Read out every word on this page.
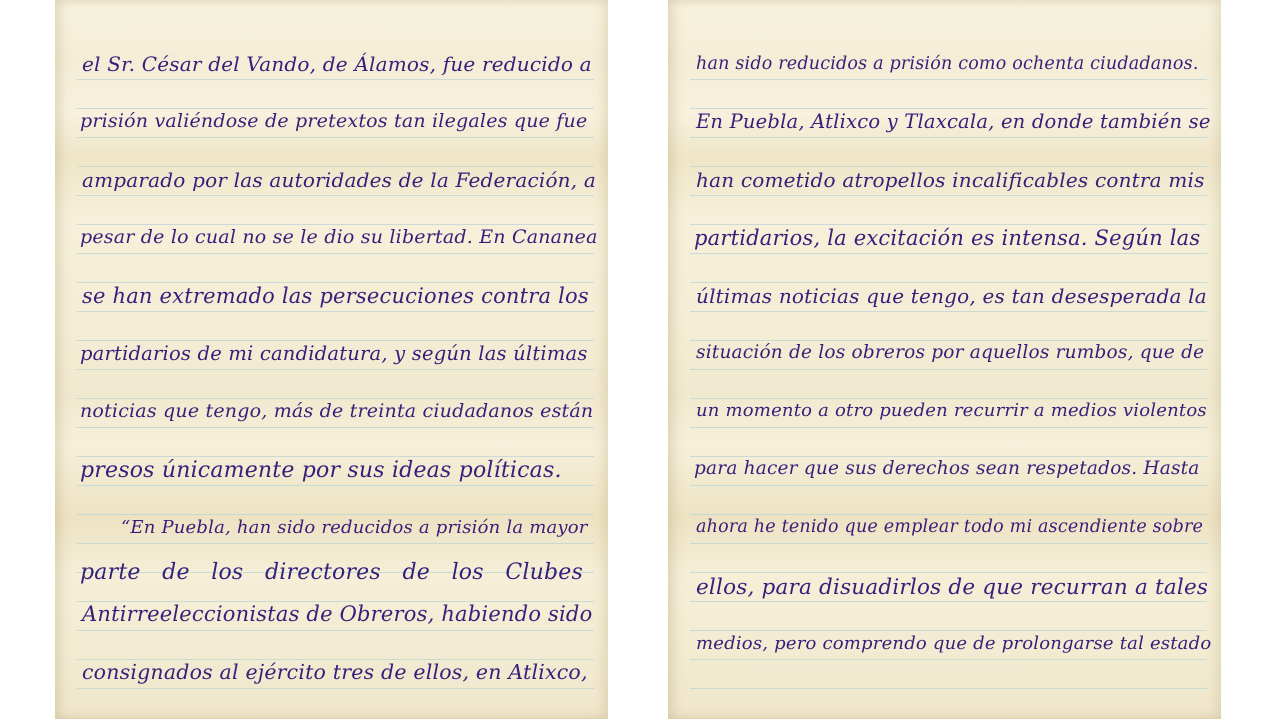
el Sr. César del Vando, de Álamos, fue reducido a
prisión valiéndose de pretextos tan ilegales que fue
amparado por las autoridades de la Federación, a
pesar de lo cual no se le dio su libertad. En Cananea
se han extremado las persecuciones contra los
partidarios de mi candidatura, y según las últimas
noticias que tengo, más de treinta ciudadanos están
presos únicamente por sus ideas políticas.
“En Puebla, han sido reducidos a prisión la mayor
parte de los directores de los Clubes
Antirreeleccionistas de Obreros, habiendo sido
consignados al ejército tres de ellos, en Atlixco,
han sido reducidos a prisión como ochenta ciudadanos.
En Puebla, Atlixco y Tlaxcala, en donde también se
han cometido atropellos incalificables contra mis
partidarios, la excitación es intensa. Según las
últimas noticias que tengo, es tan desesperada la
situación de los obreros por aquellos rumbos, que de
un momento a otro pueden recurrir a medios violentos
para hacer que sus derechos sean respetados. Hasta
ahora he tenido que emplear todo mi ascendiente sobre
ellos, para disuadirlos de que recurran a tales
medios, pero comprendo que de prolongarse tal estado
